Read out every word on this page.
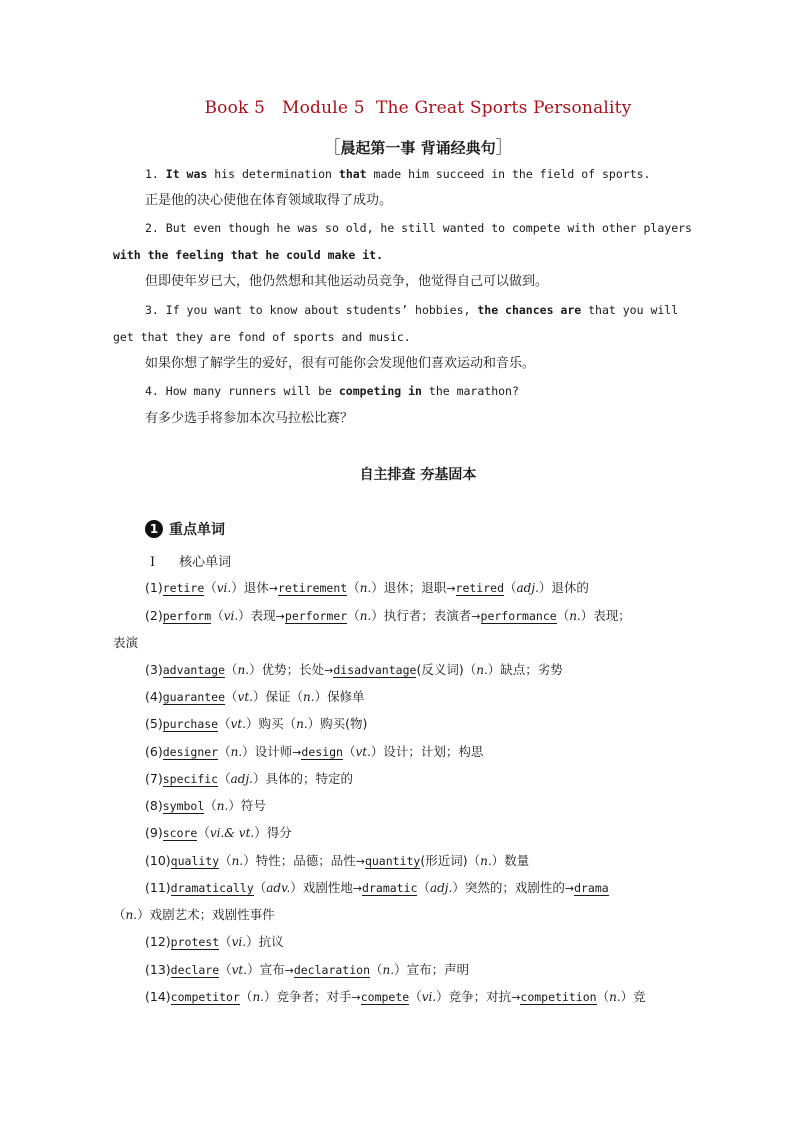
Book 5   Module 5  The Great Sports Personality
［晨起第一事 背诵经典句］
1. It was his determination that made him succeed in the field of sports.
正是他的决心使他在体育领域取得了成功。
2. But even though he was so old, he still wanted to compete with other players
with the feeling that he could make it.
但即使年岁已大，他仍然想和其他运动员竞争，他觉得自己可以做到。
3. If you want to know about students’ hobbies, the chances are that you will
get that they are fond of sports and music.
如果你想了解学生的爱好，很有可能你会发现他们喜欢运动和音乐。
4. How many runners will be competing in the marathon?
有多少选手将参加本次马拉松比赛？
自主排查 夯基固本
1 重点单词
Ⅰ 核心单词
(1)retire（vi.）退休→retirement（n.）退休；退职→retired（adj.）退休的
(2)perform（vi.）表现→performer（n.）执行者；表演者→performance（n.）表现；
表演
(3)advantage（n.）优势；长处→disadvantage(反义词)（n.）缺点；劣势
(4)guarantee（vt.）保证（n.）保修单
(5)purchase（vt.）购买（n.）购买(物)
(6)designer（n.）设计师→design（vt.）设计；计划；构思
(7)specific（adj.）具体的；特定的
(8)symbol（n.）符号
(9)score（vi.& vt.）得分
(10)quality（n.）特性；品德；品性→quantity(形近词)（n.）数量
(11)dramatically（adv.）戏剧性地→dramatic（adj.）突然的；戏剧性的→drama
（n.）戏剧艺术；戏剧性事件
(12)protest（vi.）抗议
(13)declare（vt.）宣布→declaration（n.）宣布；声明
(14)competitor（n.）竞争者；对手→compete（vi.）竞争；对抗→competition（n.）竞
